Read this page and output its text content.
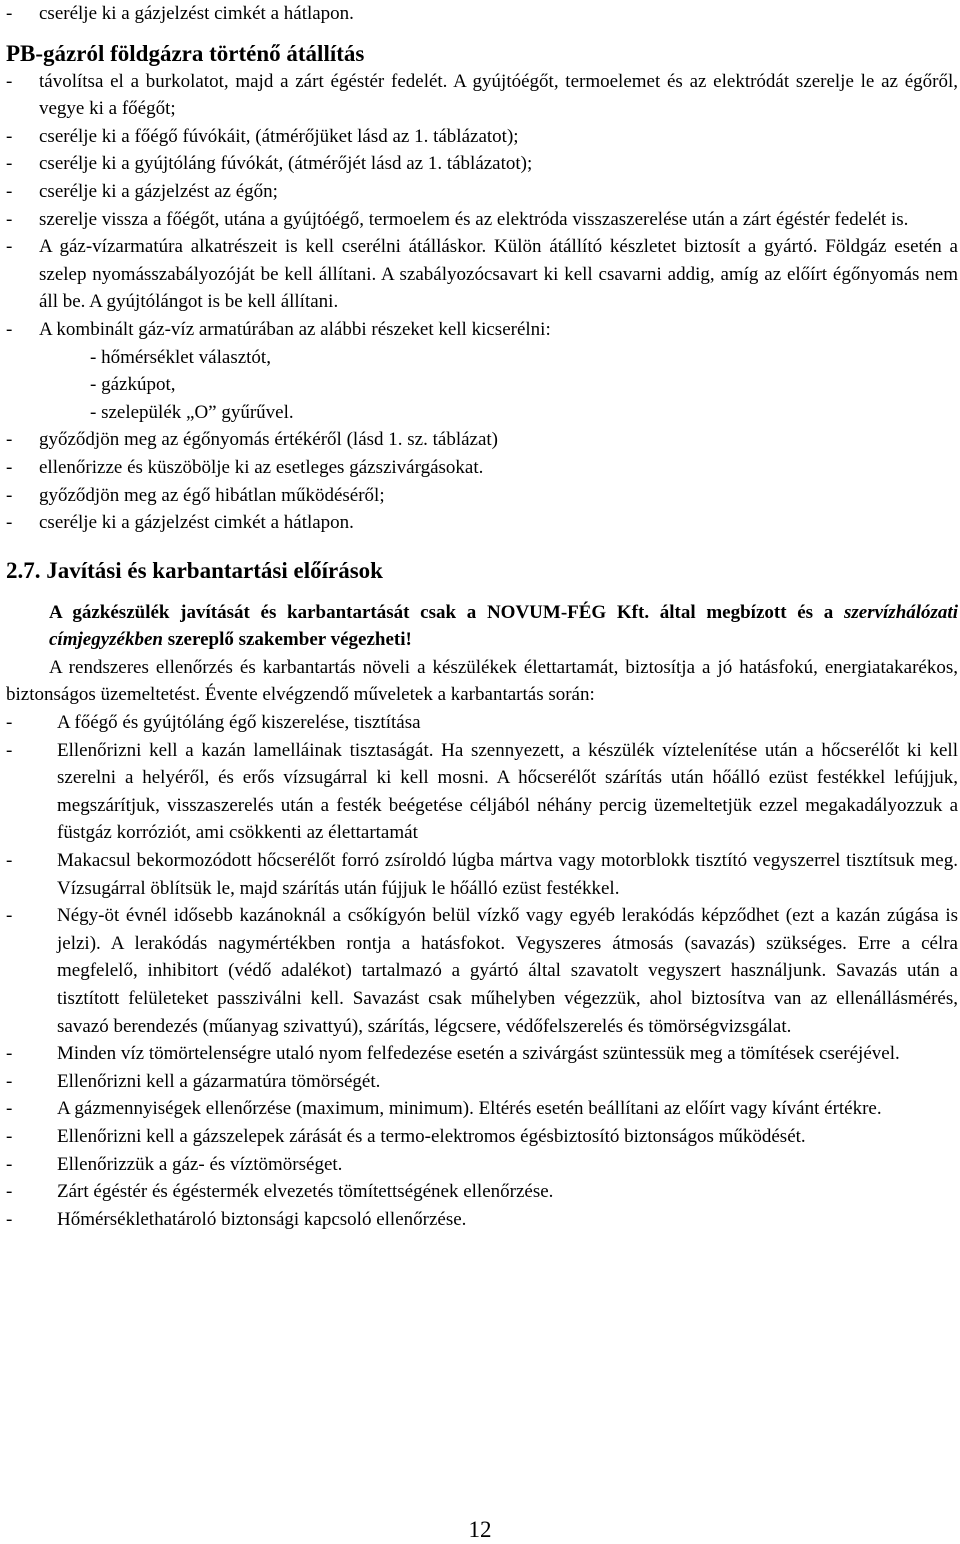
- cserélje ki a gázjelzést cimkét a hátlapon.
PB-gázról földgázra történő átállítás
- távolítsa el a burkolatot, majd a zárt égéstér fedelét. A gyújtóégőt, termoelemet és az elektródát szerelje le az égőről, vegye ki a főégőt;
- cserélje ki a főégő fúvókáit, (átmérőjüket lásd az 1. táblázatot);
- cserélje ki a gyújtóláng fúvókát, (átmérőjét lásd az 1. táblázatot);
- cserélje ki a gázjelzést az égőn;
- szerelje vissza a főégőt, utána a gyújtóégő, termoelem és az elektróda visszaszerelése után a zárt égéstér fedelét is.
- A gáz-vízarmatúra alkatrészeit is kell cserélni átálláskor. Külön átállító készletet biztosít a gyártó. Földgáz esetén a szelep nyomásszabályozóját be kell állítani. A szabályozócsavart ki kell csavarni addig, amíg az előírt égőnyomás nem áll be. A gyújtólángot is be kell állítani.
- A kombinált gáz-víz armatúrában az alábbi részeket kell kicserélni:
- hőmérséklet választót,
- gázkúpot,
- szelepülék „O” gyűrűvel.
- győződjön meg az égőnyomás értékéről (lásd 1. sz. táblázat)
- ellenőrizze és küszöbölje ki az esetleges gázszivárgásokat.
- győződjön meg az égő hibátlan működéséről;
- cserélje ki a gázjelzést cimkét a hátlapon.
2.7. Javítási és karbantartási előírások
A gázkészülék javítását és karbantartását csak a NOVUM-FÉG Kft. által megbízott és a szervízhálózati címjegyzékben szereplő szakember végezheti!
A rendszeres ellenőrzés és karbantartás növeli a készülékek élettartamát, biztosítja a jó hatásfokú, energiatakarékos, biztonságos üzemeltetést. Évente elvégzendő műveletek a karbantartás során:
- A főégő és gyújtóláng égő kiszerelése, tisztítása
- Ellenőrizni kell a kazán lamelláinak tisztaságát. Ha szennyezett, a készülék víztelenítése után a hőcserélőt ki kell szerelni a helyéről, és erős vízsugárral ki kell mosni. A hőcserélőt szárítás után hőálló ezüst festékkel lefújjuk, megszárítjuk, visszaszerelés után a festék beégetése céljából néhány percig üzemeltetjük ezzel megakadályozzuk a füstgáz korróziót, ami csökkenti az élettartamát
- Makacsul bekormozódott hőcserélőt forró zsíroldó lúgba mártva vagy motorblokk tisztító vegyszerrel tisztítsuk meg. Vízsugárral öblítsük le, majd szárítás után fújjuk le hőálló ezüst festékkel.
- Négy-öt évnél idősebb kazánoknál a csőkígyón belül vízkő vagy egyéb lerakódás képződhet (ezt a kazán zúgása is jelzi). A lerakódás nagymértékben rontja a hatásfokot. Vegyszeres átmosás (savazás) szükséges. Erre a célra megfelelő, inhibitort (védő adalékot) tartalmazó a gyártó által szavatolt vegyszert használjunk. Savazás után a tisztított felületeket passziválni kell. Savazást csak műhelyben végezzük, ahol biztosítva van az ellenállásmérés, savazó berendezés (műanyag szivattyú), szárítás, légcsere, védőfelszerelés és tömörségvizsgálat.
- Minden víz tömörtelenségre utaló nyom felfedezése esetén a szivárgást szüntessük meg a tömítések cseréjével.
- Ellenőrizni kell a gázarmatúra tömörségét.
- A gázmennyiségek ellenőrzése (maximum, minimum). Eltérés esetén beállítani az előírt vagy kívánt értékre.
- Ellenőrizni kell a gázszelepek zárását és a termo-elektromos égésbiztosító biztonságos működését.
- Ellenőrizzük a gáz- és víztömörséget.
- Zárt égéstér és égéstermék elvezetés tömítettségének ellenőrzése.
- Hőmérséklethatároló biztonsági kapcsoló ellenőrzése.
12
